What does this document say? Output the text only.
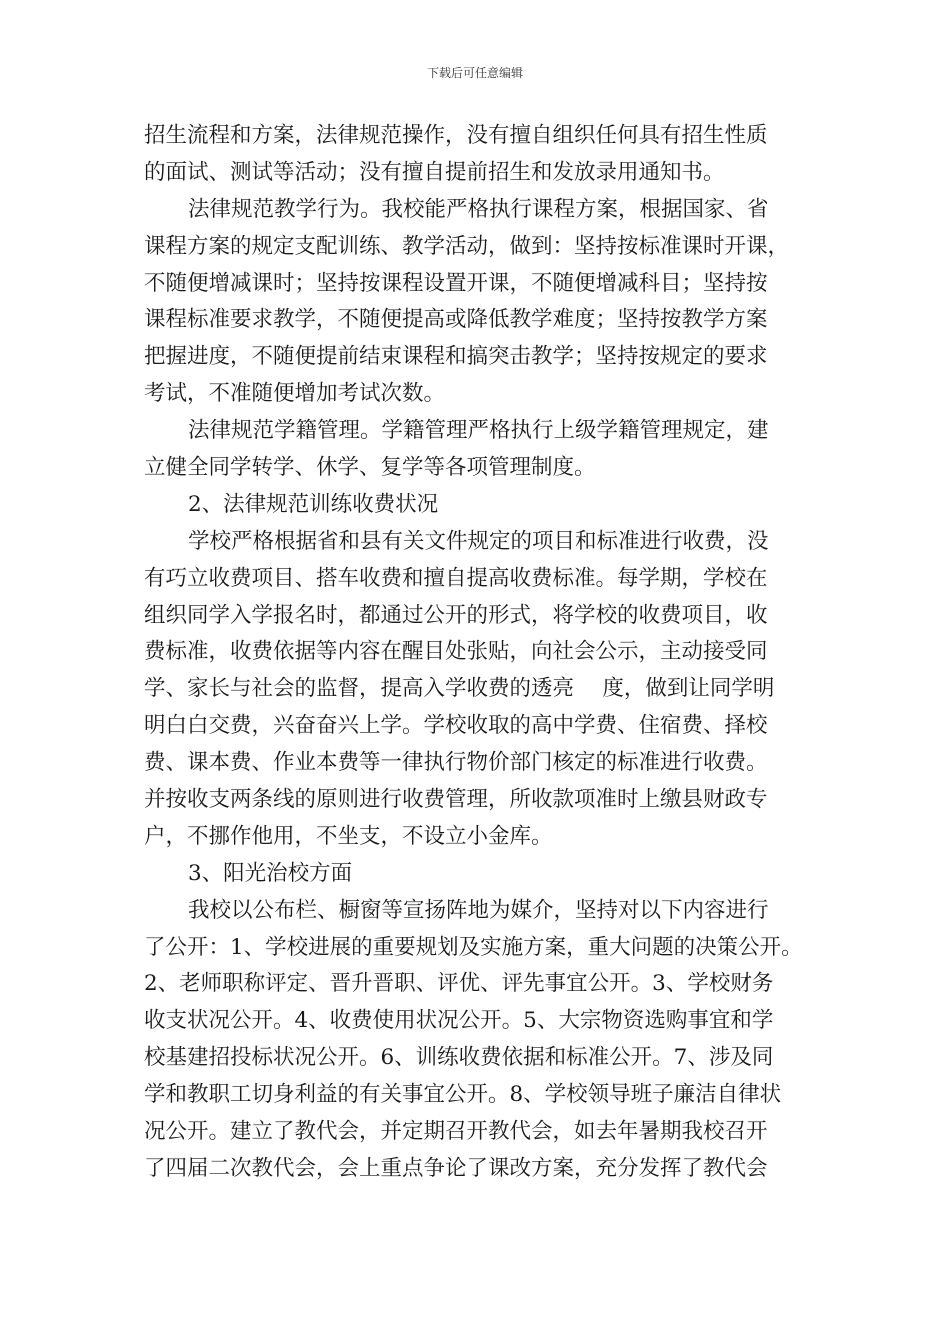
下载后可任意编辑
招生流程和方案，法律规范操作，没有擅自组织任何具有招生性质
的面试、测试等活动；没有擅自提前招生和发放录用通知书。
法律规范教学行为。我校能严格执行课程方案，根据国家、省
课程方案的规定支配训练、教学活动，做到：坚持按标准课时开课，
不随便增减课时；坚持按课程设置开课，不随便增减科目；坚持按
课程标准要求教学，不随便提高或降低教学难度；坚持按教学方案
把握进度，不随便提前结束课程和搞突击教学；坚持按规定的要求
考试，不准随便增加考试次数。
法律规范学籍管理。学籍管理严格执行上级学籍管理规定，建
立健全同学转学、休学、复学等各项管理制度。
2、法律规范训练收费状况
学校严格根据省和县有关文件规定的项目和标准进行收费，没
有巧立收费项目、搭车收费和擅自提高收费标准。每学期，学校在
组织同学入学报名时，都通过公开的形式，将学校的收费项目，收
费标准，收费依据等内容在醒目处张贴，向社会公示，主动接受同
学、家长与社会的监督，提高入学收费的透亮　 度，做到让同学明
明白白交费，兴奋奋兴上学。学校收取的高中学费、住宿费、择校
费、课本费、作业本费等一律执行物价部门核定的标准进行收费。
并按收支两条线的原则进行收费管理，所收款项准时上缴县财政专
户，不挪作他用，不坐支，不设立小金库。
3、阳光治校方面
我校以公布栏、橱窗等宣扬阵地为媒介，坚持对以下内容进行
了公开：1、学校进展的重要规划及实施方案，重大问题的决策公开。
2、老师职称评定、晋升晋职、评优、评先事宜公开。3、学校财务
收支状况公开。4、收费使用状况公开。5、大宗物资选购事宜和学
校基建招投标状况公开。6、训练收费依据和标准公开。7、涉及同
学和教职工切身利益的有关事宜公开。8、学校领导班子廉洁自律状
况公开。建立了教代会，并定期召开教代会，如去年暑期我校召开
了四届二次教代会，会上重点争论了课改方案，充分发挥了教代会
